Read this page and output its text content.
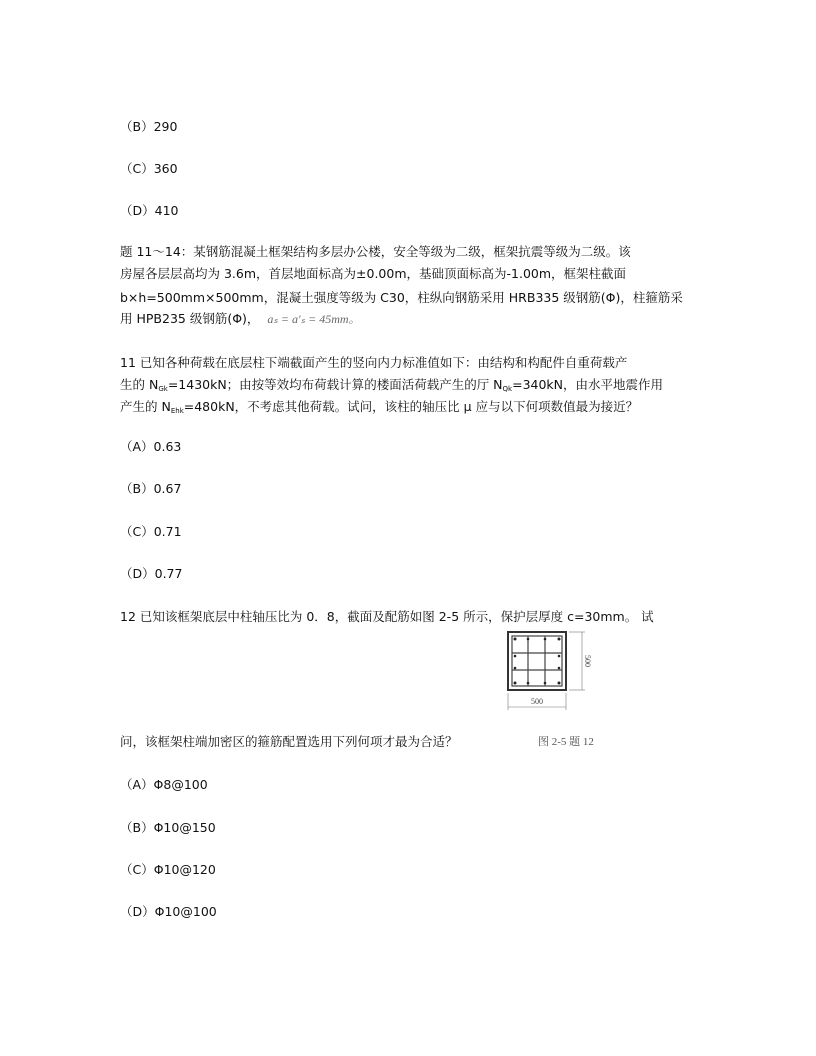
（B）290
（C）360
（D）410
题 11～14：某钢筋混凝土框架结构多层办公楼，安全等级为二级，框架抗震等级为二级。该
房屋各层层高均为 3.6m，首层地面标高为±0.00m，基础顶面标高为-1.00m，框架柱截面
b×h=500mm×500mm，混凝土强度等级为 C30，柱纵向钢筋采用 HRB335 级钢筋(Φ)，柱箍筋采
用 HPB235 级钢筋(Φ)， aₛ = a′ₛ = 45mm。
11 已知各种荷载在底层柱下端截面产生的竖向内力标准值如下：由结构和构配件自重荷载产
生的 $N_{Gk}=1430kN$；由按等效均布荷载计算的楼面活荷载产生的厅 $N_{Qk}=340kN$，由水平地震作用
产生的 $N_{Ehk}=480kN$，不考虑其他荷载。试问，该柱的轴压比 μ 应与以下何项数值最为接近？
（A）0.63
（B）0.67
（C）0.71
（D）0.77
12 已知该框架底层中柱轴压比为 0．8，截面及配筋如图 2-5 所示，保护层厚度 c=30mm。 试
500
500
图 2-5 题 12
问，该框架柱端加密区的箍筋配置选用下列何项才最为合适？
（A）Φ8@100
（B）Φ10@150
（C）Φ10@120
（D）Φ10@100
